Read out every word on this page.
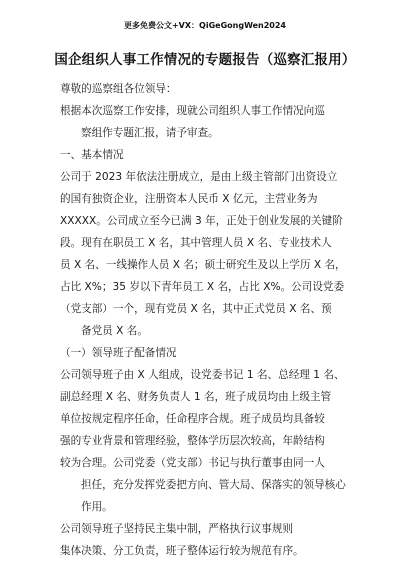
更多免费公文+VX：QiGeGongWen2024
国企组织人事工作情况的专题报告（巡察汇报用）
尊敬的巡察组各位领导：
根据本次巡察工作安排，现就公司组织人事工作情况向巡
察组作专题汇报，请予审查。
一、基本情况
公司于 2023 年依法注册成立，是由上级主管部门出资设立
的国有独资企业，注册资本人民币 X 亿元，主营业务为
XXXXX。公司成立至今已满 3 年，正处于创业发展的关键阶
段。现有在职员工 X 名，其中管理人员 X 名、专业技术人
员 X 名、一线操作人员 X 名；硕士研究生及以上学历 X 名，
占比 X%；35 岁以下青年员工 X 名，占比 X%。公司设党委
（党支部）一个，现有党员 X 名，其中正式党员 X 名、预
备党员 X 名。
（一）领导班子配备情况
公司领导班子由 X 人组成，设党委书记 1 名、总经理 1 名、
副总经理 X 名、财务负责人 1 名，班子成员均由上级主管
单位按规定程序任命，任命程序合规。班子成员均具备较
强的专业背景和管理经验，整体学历层次较高，年龄结构
较为合理。公司党委（党支部）书记与执行董事由同一人
担任，充分发挥党委把方向、管大局、保落实的领导核心
作用。
公司领导班子坚持民主集中制，严格执行议事规则
集体决策、分工负责，班子整体运行较为规范有序。
